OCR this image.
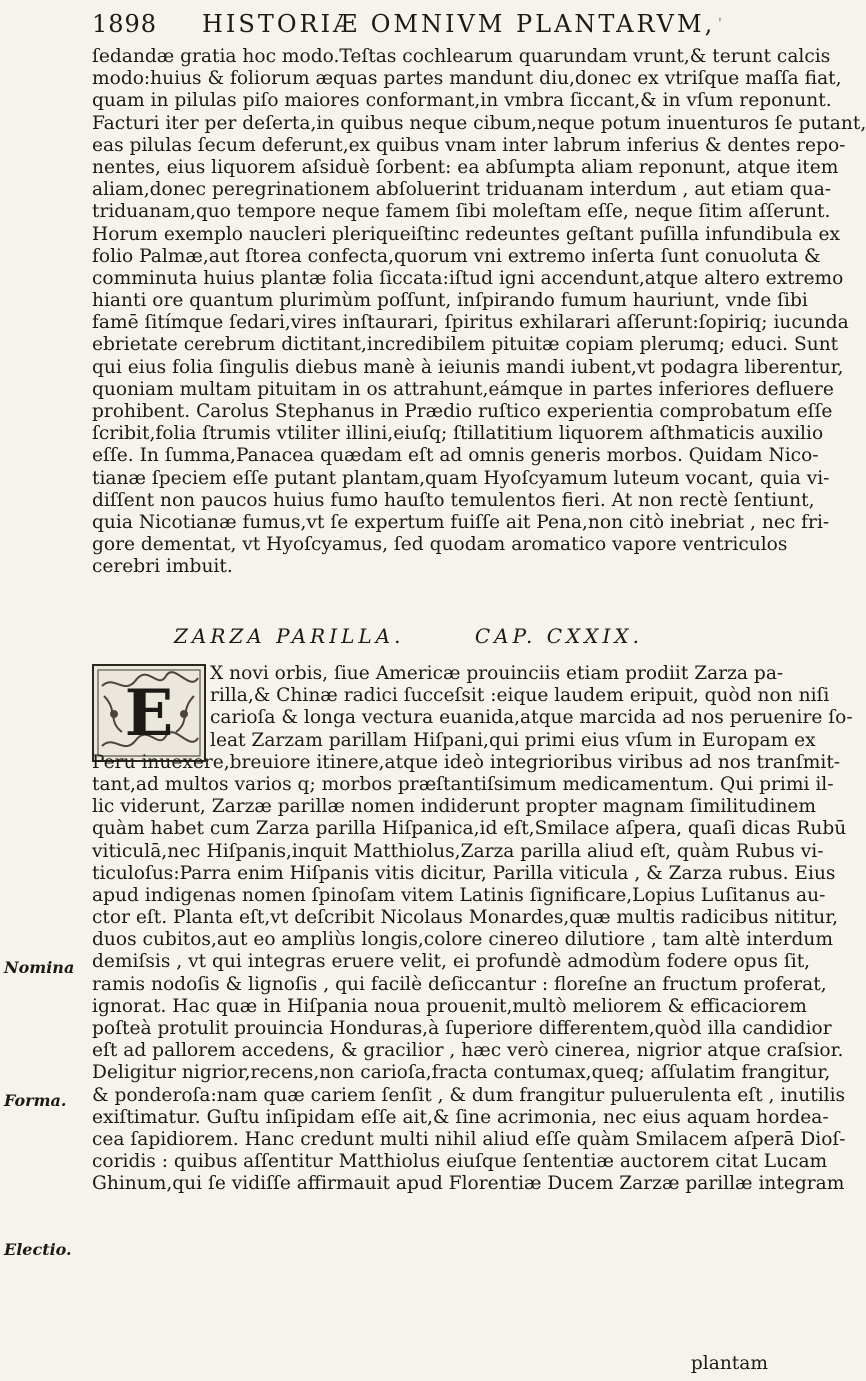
1898 HISTORIÆ OMNIVM PLANTARVM, '
ſedandæ gratia hoc modo.Teſtas cochlearum quarundam vrunt,& terunt calcis
modo:huius & foliorum æquas partes mandunt diu,donec ex vtriſque maſſa fiat,
quam in pilulas piſo maiores conformant,in vmbra ſiccant,& in vſum reponunt.
Facturi iter per deſerta,in quibus neque cibum,neque potum inuenturos ſe putant,
eas pilulas ſecum deferunt,ex quibus vnam inter labrum inferius & dentes repo-
nentes, eius liquorem aſsiduè ſorbent: ea abſumpta aliam reponunt, atque item
aliam,donec peregrinationem abſoluerint triduanam interdum , aut etiam qua-
triduanam,quo tempore neque famem ſibi moleſtam eſſe, neque ſitim aſſerunt.
Horum exemplo naucleri pleriqueiſtinc redeuntes geſtant puſilla infundibula ex
folio Palmæ,aut ſtorea confecta,quorum vni extremo inſerta ſunt conuoluta &
comminuta huius plantæ folia ſiccata:iſtud igni accendunt,atque altero extremo
hianti ore quantum plurimùm poſſunt, inſpirando fumum hauriunt, vnde ſibi
famē ſitímque ſedari,vires inſtaurari, ſpiritus exhilarari aſſerunt:ſopiriq; iucunda
ebrietate cerebrum dictitant,incredibilem pituitæ copiam plerumq; educi. Sunt
qui eius folia ſingulis diebus manè à ieiunis mandi iubent,vt podagra liberentur,
quoniam multam pituitam in os attrahunt,eámque in partes inferiores defluere
prohibent. Carolus Stephanus in Prædio ruſtico experientia comprobatum eſſe
ſcribit,folia ſtrumis vtiliter illini,eiuſq; ſtillatitium liquorem aſthmaticis auxilio
eſſe. In ſumma,Panacea quædam eſt ad omnis generis morbos. Quidam Nico-
tianæ ſpeciem eſſe putant plantam,quam Hyoſcyamum luteum vocant, quia vi-
diſſent non paucos huius fumo hauſto temulentos fieri. At non rectè ſentiunt,
quia Nicotianæ fumus,vt ſe expertum fuiſſe ait Pena,non citò inebriat , nec fri-
gore dementat, vt Hyoſcyamus, ſed quodam aromatico vapore ventriculos
cerebri imbuit.
ZARZA PARILLA.	CAP. CXXIX.
E
X novi orbis, ſiue Americæ prouinciis etiam prodiit Zarza pa-
rilla,& Chinæ radici ſucceſsit :eique laudem eripuit, quòd non niſi
carioſa & longa vectura euanida,atque marcida ad nos peruenire ſo-
leat Zarzam parillam Hiſpani,qui primi eius vſum in Europam ex
Peru inuexere,breuiore itinere,atque ideò integrioribus viribus ad nos tranſmit-
tant,ad multos varios q; morbos præſtantiſsimum medicamentum. Qui primi il-
lic viderunt, Zarzæ parillæ nomen indiderunt propter magnam ſimilitudinem
quàm habet cum Zarza parilla Hiſpanica,id eſt,Smilace aſpera, quaſi dicas Rubū
viticulā,nec Hiſpanis,inquit Matthiolus,Zarza parilla aliud eſt, quàm Rubus vi-
ticuloſus:Parra enim Hiſpanis vitis dicitur, Parilla viticula , & Zarza rubus. Eius
apud indigenas nomen ſpinoſam vitem Latinis ſignificare,Lopius Luſitanus au-
ctor eſt. Planta eſt,vt deſcribit Nicolaus Monardes,quæ multis radicibus nititur,
duos cubitos,aut eo ampliùs longis,colore cinereo dilutiore , tam altè interdum
demiſsis , vt qui integras eruere velit, ei profundè admodùm fodere opus ſit,
ramis nodoſis & lignoſis , qui facilè deſiccantur : floreſne an fructum proferat,
ignorat. Hac quæ in Hiſpania noua prouenit,multò meliorem & efficaciorem
poſteà protulit prouincia Honduras,à ſuperiore differentem,quòd illa candidior
eſt ad pallorem accedens, & gracilior , hæc verò cinerea, nigrior atque craſsior.
Deligitur nigrior,recens,non carioſa,fracta contumax,queq; aſſulatim frangitur,
& ponderoſa:nam quæ cariem ſenſit , & dum frangitur puluerulenta eſt , inutilis
exiſtimatur. Guſtu inſipidam eſſe ait,& ſine acrimonia, nec eius aquam hordea-
cea ſapidiorem. Hanc credunt multi nihil aliud eſſe quàm Smilacem aſperā Dioſ-
coridis : quibus aſſentitur Matthiolus eiuſque ſententiæ auctorem citat Lucam
Ghinum,qui ſe vidiſſe affirmauit apud Florentiæ Ducem Zarzæ parillæ integram
Nomina
Forma.
Electio.
plantam
